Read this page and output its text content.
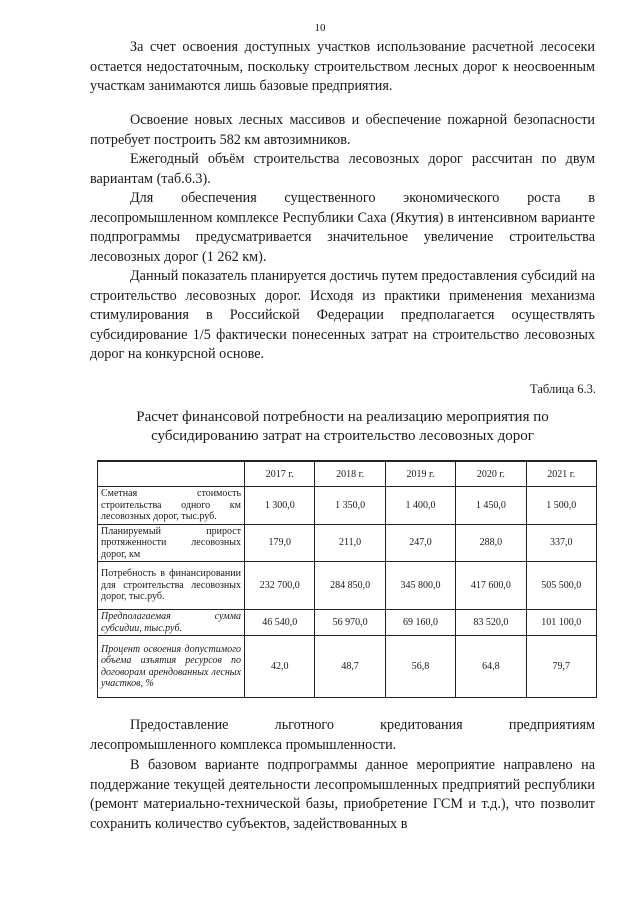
10

За счет освоения доступных участков использование расчетной лесосеки остается недостаточным, поскольку строительством лесных дорог к неосвоенным участкам занимаются лишь базовые предприятия.

Освоение новых лесных массивов и обеспечение пожарной безопасности потребует построить 582 км автозимников.

Ежегодный объём строительства лесовозных дорог рассчитан по двум вариантам (таб.6.3).

Для обеспечения существенного экономического роста в лесопромышленном комплексе Республики Саха (Якутия) в интенсивном варианте подпрограммы предусматривается значительное увеличение строительства лесовозных дорог (1 262 км).

Данный показатель планируется достичь путем предоставления субсидий на строительство лесовозных дорог. Исходя из практики применения механизма стимулирования в Российской Федерации предполагается осуществлять субсидирование 1/5 фактически понесенных затрат на строительство лесовозных дорог на конкурсной основе.

Таблица 6.3.
Расчет финансовой потребности на реализацию мероприятия по субсидированию затрат на строительство лесовозных дорог
	2017 г.	2018 г.	2019 г.	2020 г.	2021 г.
Сметная стоимость строительства одного км лесовозных дорог, тыс.руб.	1 300,0	1 350,0	1 400,0	1 450,0	1 500,0
Планируемый прирост протяженности лесовозных дорог, км	179,0	211,0	247,0	288,0	337,0
Потребность в финансировании для строительства лесовозных дорог, тыс.руб.	232 700,0	284 850,0	345 800,0	417 600,0	505 500,0
Предполагаемая сумма субсидии, тыс.руб.	46 540,0	56 970,0	69 160,0	83 520,0	101 100,0
Процент освоения допустимого объема изъятия ресурсов по договорам арендованных лесных участков, %	42,0	48,7	56,8	64,8	79,7

Предоставление льготного кредитования предприятиям лесопромышленного комплекса промышленности.

В базовом варианте подпрограммы данное мероприятие направлено на поддержание текущей деятельности лесопромышленных предприятий республики (ремонт материально-технической базы, приобретение ГСМ и т.д.), что позволит сохранить количество субъектов, задействованных в
